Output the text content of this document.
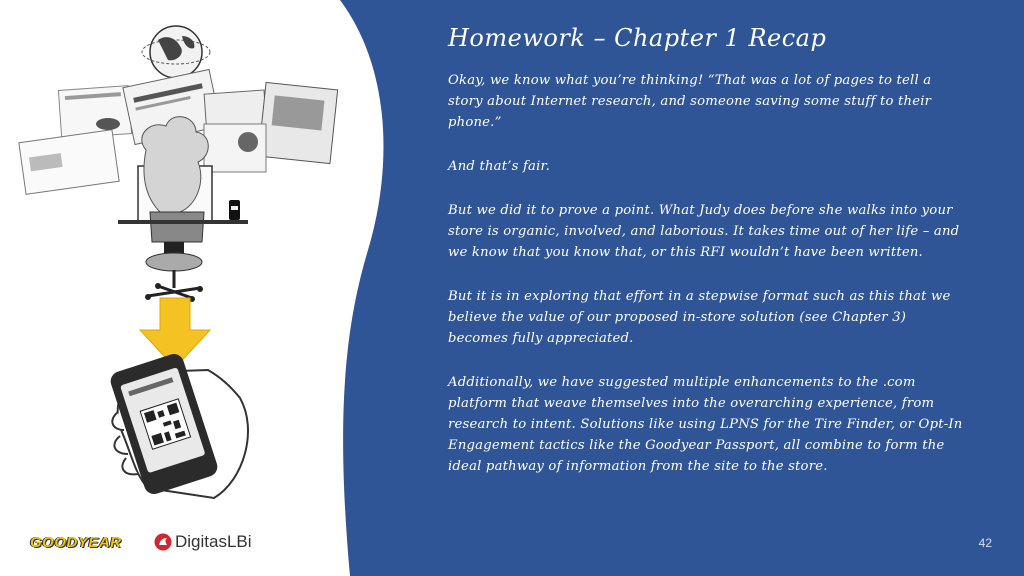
Homework – Chapter 1 Recap

Okay, we know what you’re thinking! “That was a lot of pages to tell a story about Internet research, and someone saving some stuff to their phone.”

And that’s fair.

But we did it to prove a point. What Judy does before she walks into your store is organic, involved, and laborious. It takes time out of her life – and we know that you know that, or this RFI wouldn’t have been written.

But it is in exploring that effort in a stepwise format such as this that we believe the value of our proposed in-store solution (see Chapter 3) becomes fully appreciated.

Additionally, we have suggested multiple enhancements to the .com platform that weave themselves into the overarching experience, from research to intent. Solutions like using LPNS for the Tire Finder, or Opt-In Engagement tactics like the Goodyear Passport, all combine to form the ideal pathway of information from the site to the store.

42
GOODYEAR	DigitasLBi
